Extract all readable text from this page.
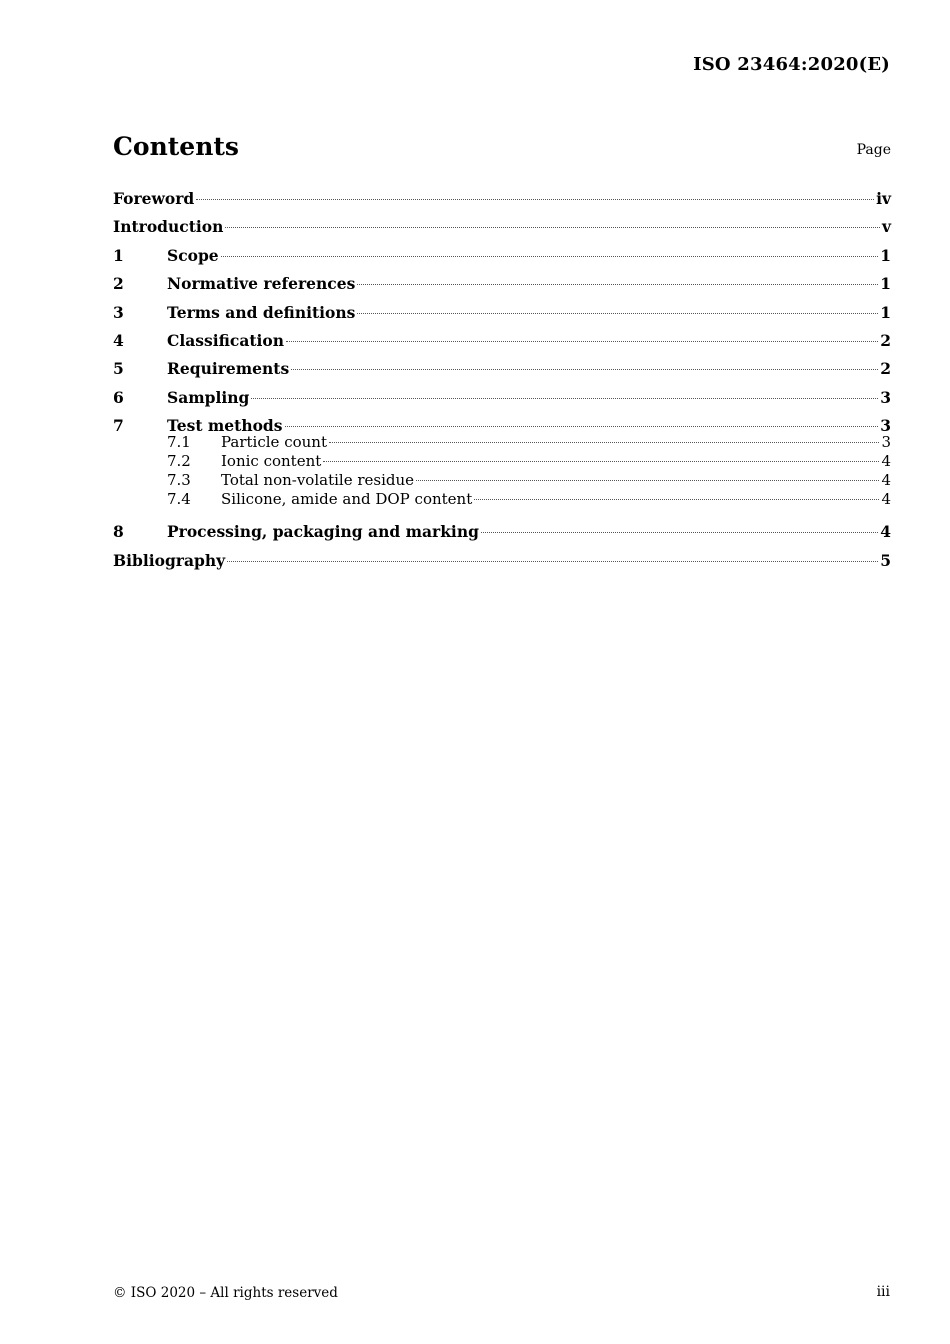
ISO 23464:2020(E)
Contents	Page
Foreword	iv
Introduction	v
1	Scope	1
2	Normative references	1
3	Terms and definitions	1
4	Classification	2
5	Requirements	2
6	Sampling	3
7	Test methods	3
7.1	Particle count	3
7.2	Ionic content	4
7.3	Total non-volatile residue	4
7.4	Silicone, amide and DOP content	4
8	Processing, packaging and marking	4
Bibliography	5
© ISO 2020 – All rights reserved	iii
